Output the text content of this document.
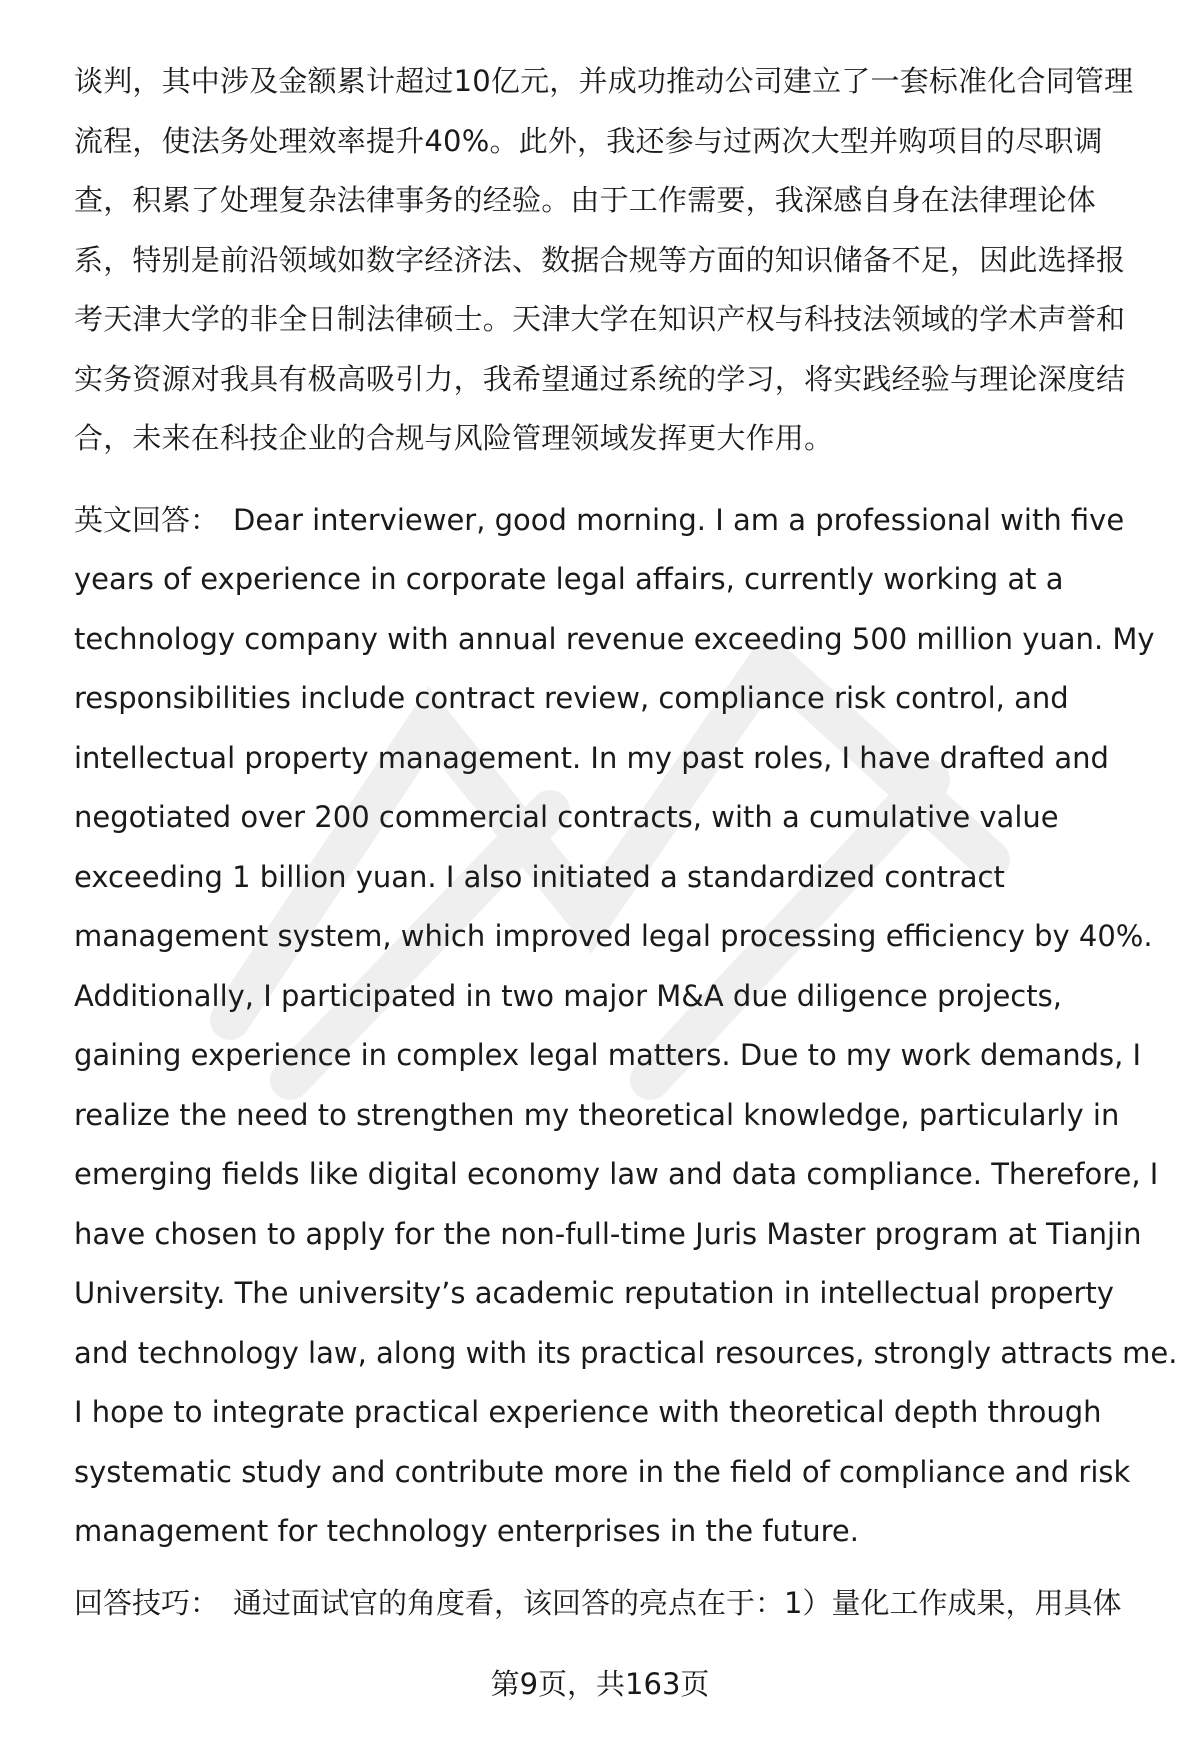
谈判，其中涉及金额累计超过10亿元，并成功推动公司建立了一套标准化合同管理
流程，使法务处理效率提升40%。此外，我还参与过两次大型并购项目的尽职调
查，积累了处理复杂法律事务的经验。由于工作需要，我深感自身在法律理论体
系，特别是前沿领域如数字经济法、数据合规等方面的知识储备不足，因此选择报
考天津大学的非全日制法律硕士。天津大学在知识产权与科技法领域的学术声誉和
实务资源对我具有极高吸引力，我希望通过系统的学习，将实践经验与理论深度结
合，未来在科技企业的合规与风险管理领域发挥更大作用。

英文回答： Dear interviewer, good morning. I am a professional with five
years of experience in corporate legal affairs, currently working at a
technology company with annual revenue exceeding 500 million yuan. My
responsibilities include contract review, compliance risk control, and
intellectual property management. In my past roles, I have drafted and
negotiated over 200 commercial contracts, with a cumulative value
exceeding 1 billion yuan. I also initiated a standardized contract
management system, which improved legal processing efficiency by 40%.
Additionally, I participated in two major M&A due diligence projects,
gaining experience in complex legal matters. Due to my work demands, I
realize the need to strengthen my theoretical knowledge, particularly in
emerging fields like digital economy law and data compliance. Therefore, I
have chosen to apply for the non-full-time Juris Master program at Tianjin
University. The university’s academic reputation in intellectual property
and technology law, along with its practical resources, strongly attracts me.
I hope to integrate practical experience with theoretical depth through
systematic study and contribute more in the field of compliance and risk
management for technology enterprises in the future.

回答技巧： 通过面试官的角度看，该回答的亮点在于：1）量化工作成果，用具体

第9页，共163页
